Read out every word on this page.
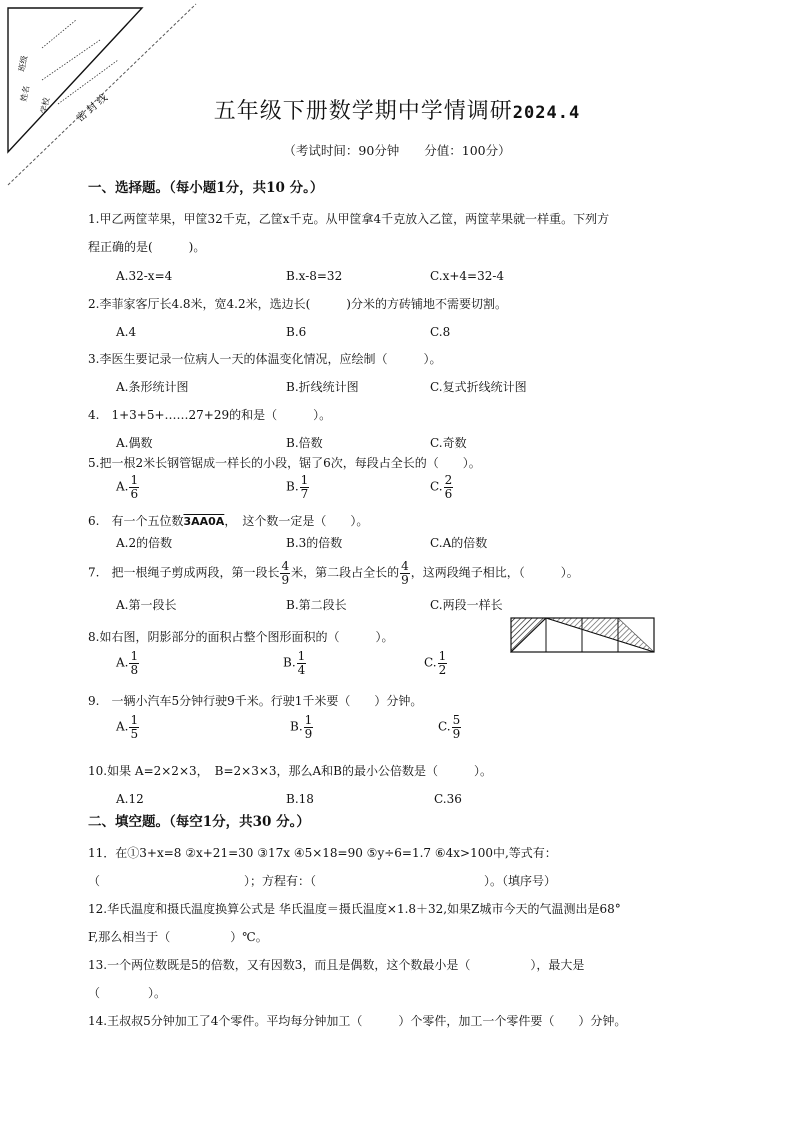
班级
姓名
学校 密 封 线	五年级下册数学期中学情调研2024.4
（考试时间：90分钟　　分值：100分）
一、选择题。（每小题1分，共10 分。）
1.甲乙两筐苹果，甲筐32千克，乙筐x千克。从甲筐拿4千克放入乙筐，两筐苹果就一样重。下列方
程正确的是(　　　)。
A.32-x=4	B.x-8=32	C.x+4=32-4
2.李菲家客厅长4.8米，宽4.2米，选边长(　　　)分米的方砖铺地不需要切割。
A.4	B.6	C.8
3.李医生要记录一位病人一天的体温变化情况，应绘制（　　　）。
A.条形统计图	B.折线统计图	C.复式折线统计图
4.　1+3+5+……27+29的和是（　　　）。
A.偶数	B.倍数	C.奇数
5.把一根2米长钢管锯成一样长的小段，锯了6次，每段占全长的（　　）。
A. $\frac{1}{6}$	B. $\frac{1}{7}$	C. $\frac{2}{6}$
6.　有一个五位数3AA0A，　这个数一定是（　　）。
A.2的倍数	B.3的倍数	C.A的倍数
7.　把一根绳子剪成两段，第一段长 $\frac{4}{9}$ 米，第二段占全长的 $\frac{4}{9}$ ，这两段绳子相比，（　　　）。
A.第一段长	B.第二段长	C.两段一样长
8.如右图，阴影部分的面积占整个图形面积的（　　　）。
A. $\frac{1}{8}$	B. $\frac{1}{4}$	C. $\frac{1}{2}$
9.　一辆小汽车5分钟行驶9千米。行驶1千米要（　　）分钟。
A. $\frac{1}{5}$	B. $\frac{1}{9}$	C. $\frac{5}{9}$
10.如果 A=2×2×3，　B=2×3×3，那么A和B的最小公倍数是（　　　）。
A.12	B.18	C.36
二、填空题。（每空1分，共30 分。）
11．在①3+x=8 ②x+21=30 ③17x ④5×18=90 ⑤y÷6=1.7 ⑥4x>100中,等式有：
（　　　　　　　　　　　　）；方程有：（　　　　　　　　　　　　　　）。（填序号）
12.华氏温度和摄氏温度换算公式是 华氏温度＝摄氏温度×1.8＋32,如果Z城市今天的气温测出是68°
F,那么相当于（　　　　　）℃。
13.一个两位数既是5的倍数，又有因数3，而且是偶数，这个数最小是（　　　　　），最大是
（　　　　）。
14.王叔叔5分钟加工了4个零件。平均每分钟加工（　　　）个零件，加工一个零件要（　　）分钟。
